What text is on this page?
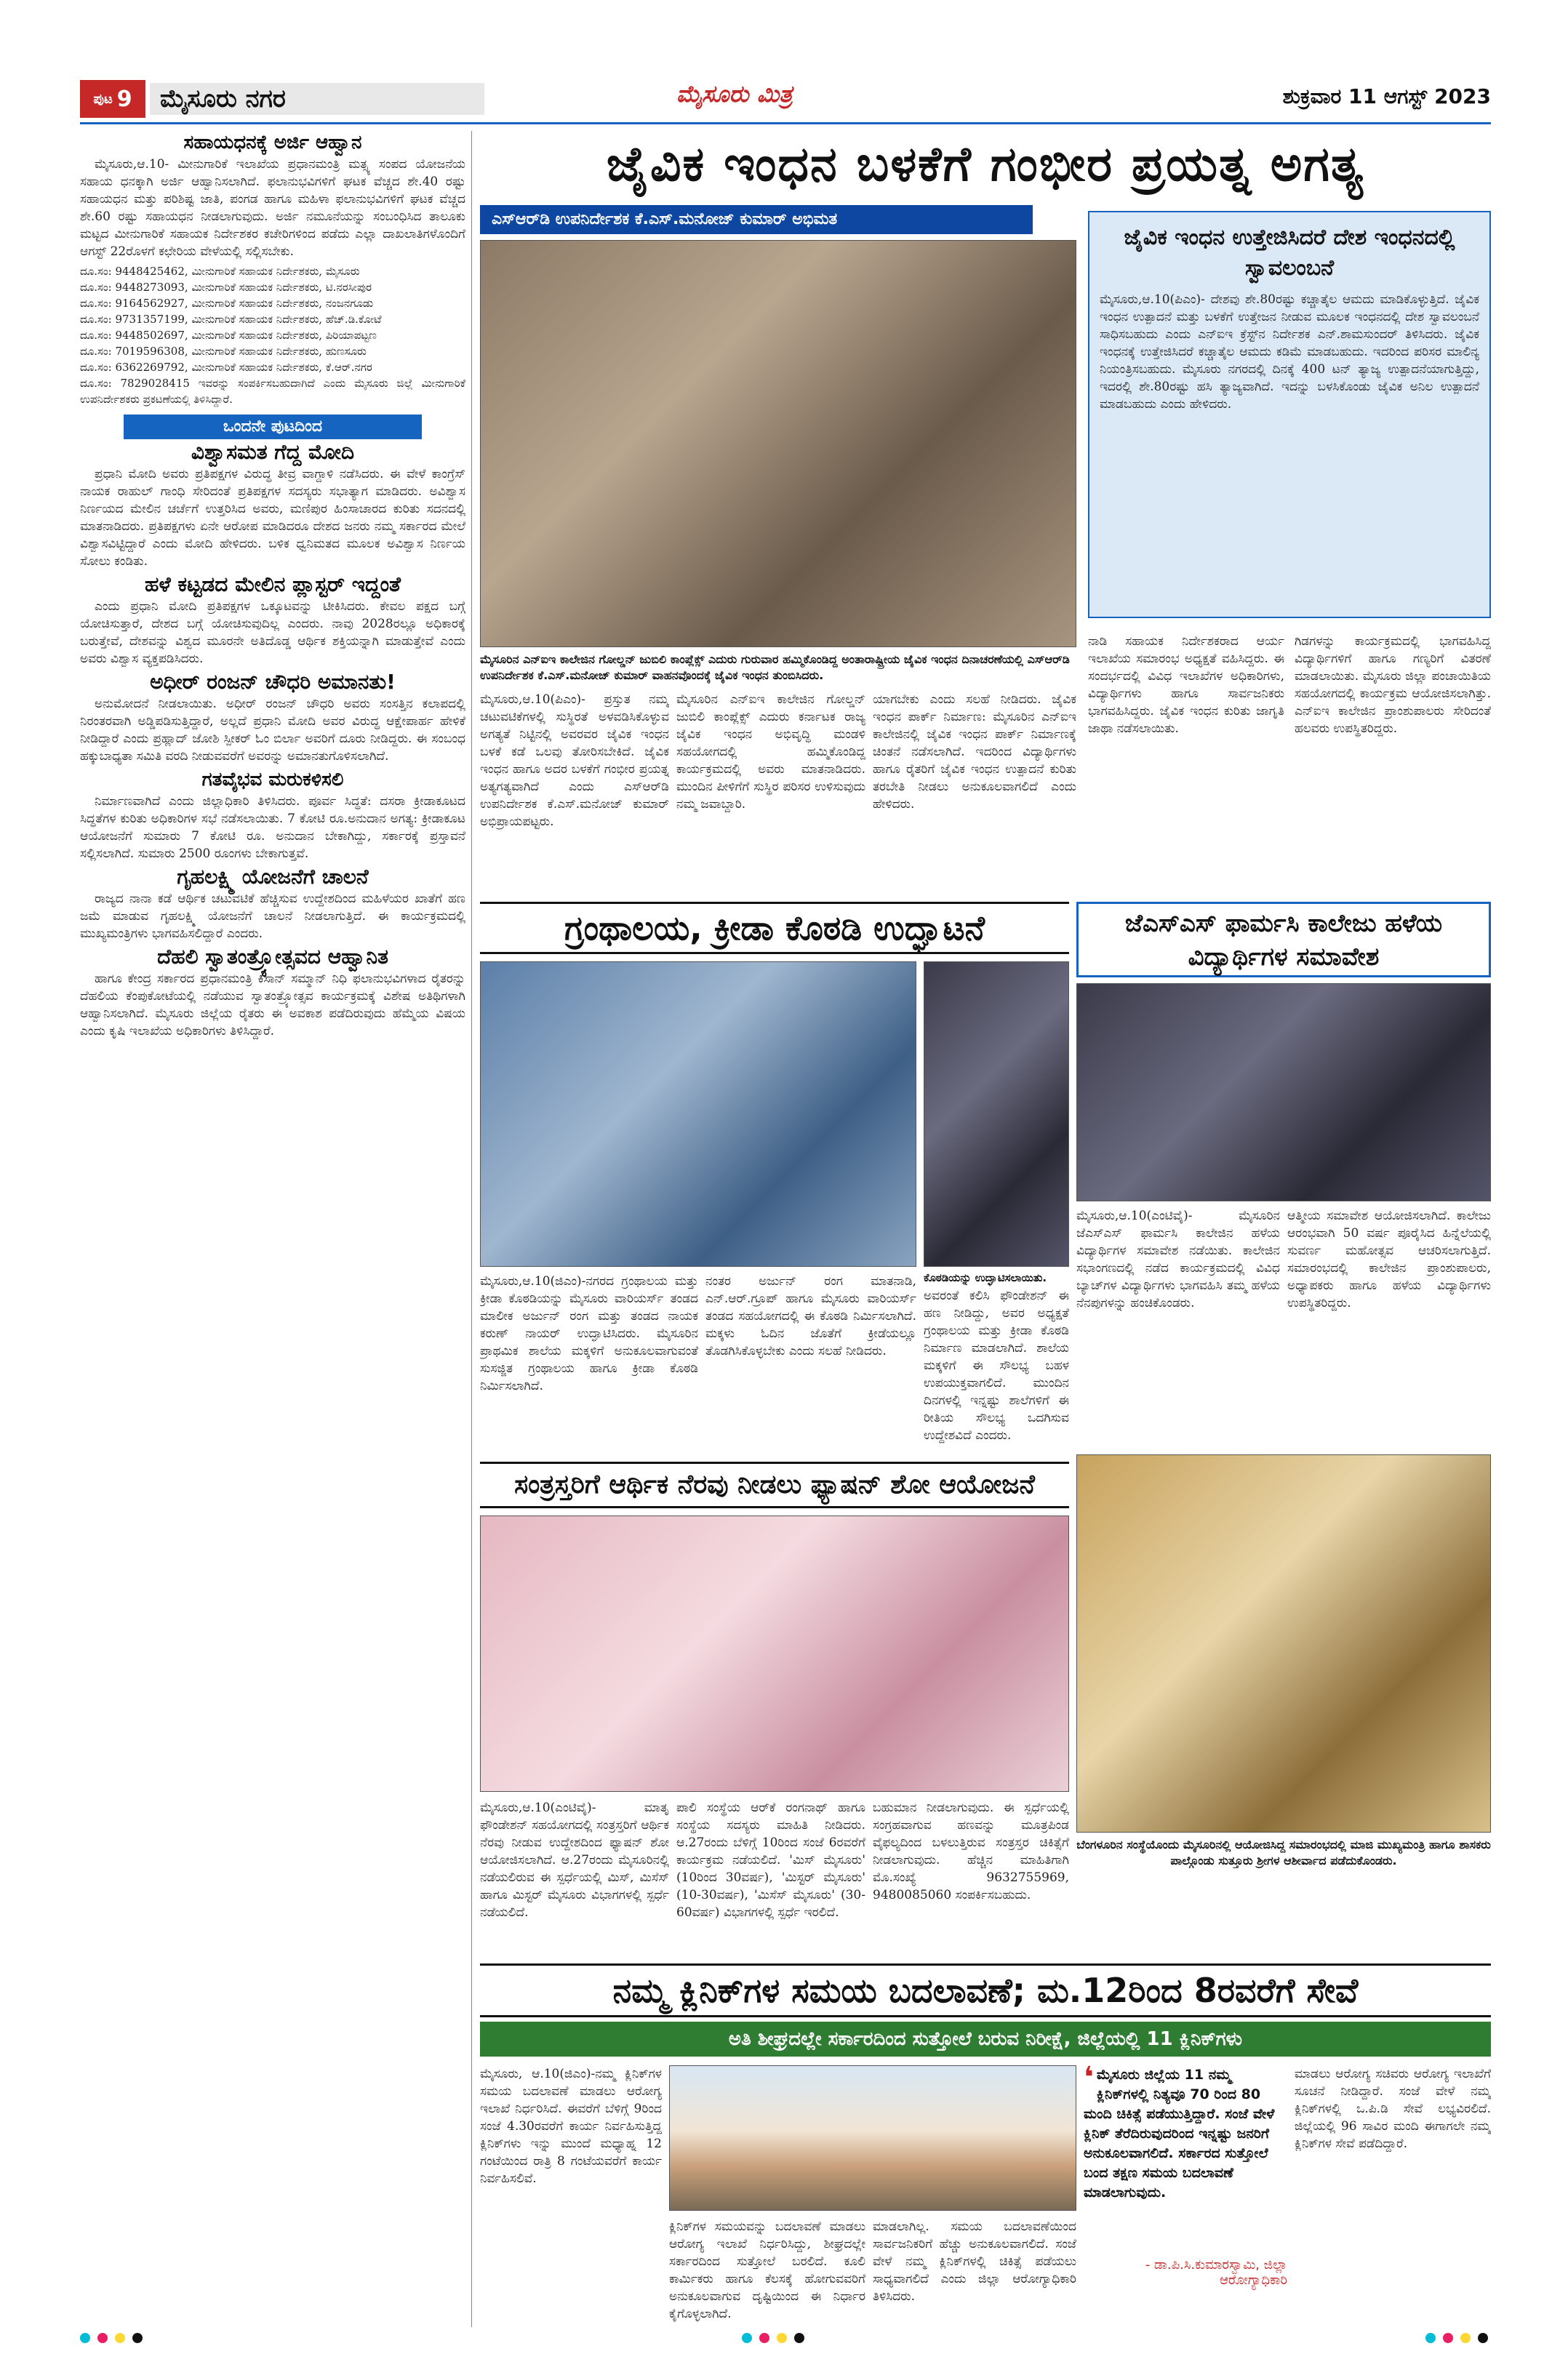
ಪುಟ 9	ಮೈಸೂರು ನಗರ	ಮೈಸೂರು ಮಿತ್ರ	ಶುಕ್ರವಾರ 11 ಆಗಸ್ಟ್ 2023
ಸಹಾಯಧನಕ್ಕೆ ಅರ್ಜಿ ಆಹ್ವಾನ

ಮೈಸೂರು,ಆ.10- ಮೀನುಗಾರಿಕೆ ಇಲಾಖೆಯ ಪ್ರಧಾನಮಂತ್ರಿ ಮತ್ಸ್ಯ ಸಂಪದ ಯೋಜನೆಯ ಸಹಾಯ ಧನಕ್ಕಾಗಿ ಅರ್ಜಿ ಆಹ್ವಾನಿಸಲಾಗಿದೆ. ಫಲಾನುಭವಿಗಳಿಗೆ ಘಟಕ ವೆಚ್ಚದ ಶೇ.40 ರಷ್ಟು ಸಹಾಯಧನ ಮತ್ತು ಪರಿಶಿಷ್ಟ ಜಾತಿ, ಪಂಗಡ ಹಾಗೂ ಮಹಿಳಾ ಫಲಾನುಭವಿಗಳಿಗೆ ಘಟಕ ವೆಚ್ಚದ ಶೇ.60 ರಷ್ಟು ಸಹಾಯಧನ ನೀಡಲಾಗುವುದು. ಅರ್ಜಿ ನಮೂನೆಯನ್ನು ಸಂಬಂಧಿಸಿದ ತಾಲೂಕು ಮಟ್ಟದ ಮೀನುಗಾರಿಕೆ ಸಹಾಯಕ ನಿರ್ದೇಶಕರ ಕಚೇರಿಗಳಿಂದ ಪಡೆದು ಎಲ್ಲಾ ದಾಖಲಾತಿಗಳೊಂದಿಗೆ ಆಗಸ್ಟ್ 22ರೊಳಗೆ ಕಛೇರಿಯ ವೇಳೆಯಲ್ಲಿ ಸಲ್ಲಿಸಬೇಕು.

ದೂ.ಸಂ: 9448425462, ಮೀನುಗಾರಿಕೆ ಸಹಾಯಕ ನಿರ್ದೇಶಕರು, ಮೈಸೂರು
ದೂ.ಸಂ: 9448273093, ಮೀನುಗಾರಿಕೆ ಸಹಾಯಕ ನಿರ್ದೇಶಕರು, ಟಿ.ನರಸೀಪುರ
ದೂ.ಸಂ: 9164562927, ಮೀನುಗಾರಿಕೆ ಸಹಾಯಕ ನಿರ್ದೇಶಕರು, ನಂಜನಗೂಡು
ದೂ.ಸಂ: 9731357199, ಮೀನುಗಾರಿಕೆ ಸಹಾಯಕ ನಿರ್ದೇಶಕರು, ಹೆಚ್.ಡಿ.ಕೋಟೆ
ದೂ.ಸಂ: 9448502697, ಮೀನುಗಾರಿಕೆ ಸಹಾಯಕ ನಿರ್ದೇಶಕರು, ಪಿರಿಯಾಪಟ್ಟಣ
ದೂ.ಸಂ: 7019596308, ಮೀನುಗಾರಿಕೆ ಸಹಾಯಕ ನಿರ್ದೇಶಕರು, ಹುಣಸೂರು
ದೂ.ಸಂ: 6362269792, ಮೀನುಗಾರಿಕೆ ಸಹಾಯಕ ನಿರ್ದೇಶಕರು, ಕೆ.ಆರ್.ನಗರ
ದೂ.ಸಂ: 7829028415 ಇವರನ್ನು ಸಂಪರ್ಕಿಸಬಹುದಾಗಿದೆ ಎಂದು ಮೈಸೂರು ಜಿಲ್ಲೆ ಮೀನುಗಾರಿಕೆ ಉಪನಿರ್ದೇಶಕರು ಪ್ರಕಟಣೆಯಲ್ಲಿ ತಿಳಿಸಿದ್ದಾರೆ.
ಒಂದನೇ ಪುಟದಿಂದ
ವಿಶ್ವಾಸಮತ ಗೆದ್ದ ಮೋದಿ

ಪ್ರಧಾನಿ ಮೋದಿ ಅವರು ಪ್ರತಿಪಕ್ಷಗಳ ವಿರುದ್ಧ ತೀವ್ರ ವಾಗ್ದಾಳಿ ನಡೆಸಿದರು. ಈ ವೇಳೆ ಕಾಂಗ್ರೆಸ್ ನಾಯಕ ರಾಹುಲ್ ಗಾಂಧಿ ಸೇರಿದಂತೆ ಪ್ರತಿಪಕ್ಷಗಳ ಸದಸ್ಯರು ಸಭಾತ್ಯಾಗ ಮಾಡಿದರು. ಅವಿಶ್ವಾಸ ನಿರ್ಣಯದ ಮೇಲಿನ ಚರ್ಚೆಗೆ ಉತ್ತರಿಸಿದ ಅವರು, ಮಣಿಪುರ ಹಿಂಸಾಚಾರದ ಕುರಿತು ಸದನದಲ್ಲಿ ಮಾತನಾಡಿದರು. ಪ್ರತಿಪಕ್ಷಗಳು ಏನೇ ಆರೋಪ ಮಾಡಿದರೂ ದೇಶದ ಜನರು ನಮ್ಮ ಸರ್ಕಾರದ ಮೇಲೆ ವಿಶ್ವಾಸವಿಟ್ಟಿದ್ದಾರೆ ಎಂದು ಮೋದಿ ಹೇಳಿದರು. ಬಳಿಕ ಧ್ವನಿಮತದ ಮೂಲಕ ಅವಿಶ್ವಾಸ ನಿರ್ಣಯ ಸೋಲು ಕಂಡಿತು.

ಹಳೆ ಕಟ್ಟಡದ ಮೇಲಿನ ಪ್ಲಾಸ್ಟರ್ ಇದ್ದಂತೆ

ಎಂದು ಪ್ರಧಾನಿ ಮೋದಿ ಪ್ರತಿಪಕ್ಷಗಳ ಒಕ್ಕೂಟವನ್ನು ಟೀಕಿಸಿದರು. ಕೇವಲ ಪಕ್ಷದ ಬಗ್ಗೆ ಯೋಚಿಸುತ್ತಾರೆ, ದೇಶದ ಬಗ್ಗೆ ಯೋಚಿಸುವುದಿಲ್ಲ ಎಂದರು. ನಾವು 2028ರಲ್ಲೂ ಅಧಿಕಾರಕ್ಕೆ ಬರುತ್ತೇವೆ, ದೇಶವನ್ನು ವಿಶ್ವದ ಮೂರನೇ ಅತಿದೊಡ್ಡ ಆರ್ಥಿಕ ಶಕ್ತಿಯನ್ನಾಗಿ ಮಾಡುತ್ತೇವೆ ಎಂದು ಅವರು ವಿಶ್ವಾಸ ವ್ಯಕ್ತಪಡಿಸಿದರು.

ಅಧೀರ್ ರಂಜನ್ ಚೌಧರಿ ಅಮಾನತು!

ಅನುಮೋದನೆ ನೀಡಲಾಯಿತು. ಅಧೀರ್ ರಂಜನ್ ಚೌಧರಿ ಅವರು ಸಂಸತ್ತಿನ ಕಲಾಪದಲ್ಲಿ ನಿರಂತರವಾಗಿ ಅಡ್ಡಿಪಡಿಸುತ್ತಿದ್ದಾರೆ, ಅಲ್ಲದೆ ಪ್ರಧಾನಿ ಮೋದಿ ಅವರ ವಿರುದ್ಧ ಆಕ್ಷೇಪಾರ್ಹ ಹೇಳಿಕೆ ನೀಡಿದ್ದಾರೆ ಎಂದು ಪ್ರಹ್ಲಾದ್ ಜೋಶಿ ಸ್ಪೀಕರ್ ಓಂ ಬಿರ್ಲಾ ಅವರಿಗೆ ದೂರು ನೀಡಿದ್ದರು. ಈ ಸಂಬಂಧ ಹಕ್ಕುಬಾಧ್ಯತಾ ಸಮಿತಿ ವರದಿ ನೀಡುವವರೆಗೆ ಅವರನ್ನು ಅಮಾನತುಗೊಳಿಸಲಾಗಿದೆ.

ಗತವೈಭವ ಮರುಕಳಿಸಲಿ

ನಿರ್ಮಾಣವಾಗಿದೆ ಎಂದು ಜಿಲ್ಲಾಧಿಕಾರಿ ತಿಳಿಸಿದರು. ಪೂರ್ವ ಸಿದ್ಧತೆ: ದಸರಾ ಕ್ರೀಡಾಕೂಟದ ಸಿದ್ಧತೆಗಳ ಕುರಿತು ಅಧಿಕಾರಿಗಳ ಸಭೆ ನಡೆಸಲಾಯಿತು. 7 ಕೋಟಿ ರೂ.ಅನುದಾನ ಅಗತ್ಯ: ಕ್ರೀಡಾಕೂಟ ಆಯೋಜನೆಗೆ ಸುಮಾರು 7 ಕೋಟಿ ರೂ. ಅನುದಾನ ಬೇಕಾಗಿದ್ದು, ಸರ್ಕಾರಕ್ಕೆ ಪ್ರಸ್ತಾವನೆ ಸಲ್ಲಿಸಲಾಗಿದೆ. ಸುಮಾರು 2500 ರೂಂಗಳು ಬೇಕಾಗುತ್ತವೆ.

ಗೃಹಲಕ್ಷ್ಮಿ ಯೋಜನೆಗೆ ಚಾಲನೆ

ರಾಜ್ಯದ ನಾನಾ ಕಡೆ ಆರ್ಥಿಕ ಚಟುವಟಿಕೆ ಹೆಚ್ಚಿಸುವ ಉದ್ದೇಶದಿಂದ ಮಹಿಳೆಯರ ಖಾತೆಗೆ ಹಣ ಜಮೆ ಮಾಡುವ ಗೃಹಲಕ್ಷ್ಮಿ ಯೋಜನೆಗೆ ಚಾಲನೆ ನೀಡಲಾಗುತ್ತಿದೆ. ಈ ಕಾರ್ಯಕ್ರಮದಲ್ಲಿ ಮುಖ್ಯಮಂತ್ರಿಗಳು ಭಾಗವಹಿಸಲಿದ್ದಾರೆ ಎಂದರು.

ದೆಹಲಿ ಸ್ವಾತಂತ್ರ್ಯೋತ್ಸವದ ಆಹ್ವಾನಿತ

ಹಾಗೂ ಕೇಂದ್ರ ಸರ್ಕಾರದ ಪ್ರಧಾನಮಂತ್ರಿ ಕಿಸಾನ್ ಸಮ್ಮಾನ್ ನಿಧಿ ಫಲಾನುಭವಿಗಳಾದ ರೈತರನ್ನು ದೆಹಲಿಯ ಕೆಂಪುಕೋಟೆಯಲ್ಲಿ ನಡೆಯುವ ಸ್ವಾತಂತ್ರ್ಯೋತ್ಸವ ಕಾರ್ಯಕ್ರಮಕ್ಕೆ ವಿಶೇಷ ಅತಿಥಿಗಳಾಗಿ ಆಹ್ವಾನಿಸಲಾಗಿದೆ. ಮೈಸೂರು ಜಿಲ್ಲೆಯ ರೈತರು ಈ ಅವಕಾಶ ಪಡೆದಿರುವುದು ಹೆಮ್ಮೆಯ ವಿಷಯ ಎಂದು ಕೃಷಿ ಇಲಾಖೆಯ ಅಧಿಕಾರಿಗಳು ತಿಳಿಸಿದ್ದಾರೆ.

ಜೈವಿಕ ಇಂಧನ ಬಳಕೆಗೆ ಗಂಭೀರ ಪ್ರಯತ್ನ ಅಗತ್ಯ
ಎಸ್‌ಆರ್‌ಡಿ ಉಪನಿರ್ದೇಶಕ ಕೆ.ಎಸ್.ಮನೋಜ್ ಕುಮಾರ್ ಅಭಿಮತ
ಮೈಸೂರಿನ ಎನ್‌ಐಇ ಕಾಲೇಜಿನ ಗೋಲ್ಡನ್ ಜುಬಿಲಿ ಕಾಂಪ್ಲೆಕ್ಸ್ ಎದುರು ಗುರುವಾರ ಹಮ್ಮಿಕೊಂಡಿದ್ದ ಅಂತಾರಾಷ್ಟ್ರೀಯ ಜೈವಿಕ ಇಂಧನ ದಿನಾಚರಣೆಯಲ್ಲಿ ಎಸ್‌ಆರ್‌ಡಿ ಉಪನಿರ್ದೇಶಕ ಕೆ.ಎಸ್.ಮನೋಜ್ ಕುಮಾರ್ ವಾಹನವೊಂದಕ್ಕೆ ಜೈವಿಕ ಇಂಧನ ತುಂಬಿಸಿದರು.
ಜೈವಿಕ ಇಂಧನ ಉತ್ತೇಜಿಸಿದರೆ ದೇಶ ಇಂಧನದಲ್ಲಿ ಸ್ವಾವಲಂಬನೆ
ಮೈಸೂರು,ಆ.10(ಪಿಎಂ)- ದೇಶವು ಶೇ.80ರಷ್ಟು ಕಚ್ಚಾತೈಲ ಆಮದು ಮಾಡಿಕೊಳ್ಳುತ್ತಿದೆ. ಜೈವಿಕ ಇಂಧನ ಉತ್ಪಾದನೆ ಮತ್ತು ಬಳಕೆಗೆ ಉತ್ತೇಜನ ನೀಡುವ ಮೂಲಕ ಇಂಧನದಲ್ಲಿ ದೇಶ ಸ್ವಾವಲಂಬನೆ ಸಾಧಿಸಬಹುದು ಎಂದು ಎನ್‌ಐಇ ಕ್ರೆಸ್ಟ್‌ನ ನಿರ್ದೇಶಕ ಎನ್.ಶಾಮಸುಂದರ್ ತಿಳಿಸಿದರು. ಜೈವಿಕ ಇಂಧನಕ್ಕೆ ಉತ್ತೇಜಿಸಿದರೆ ಕಚ್ಚಾತೈಲ ಆಮದು ಕಡಿಮೆ ಮಾಡಬಹುದು. ಇದರಿಂದ ಪರಿಸರ ಮಾಲಿನ್ಯ ನಿಯಂತ್ರಿಸಬಹುದು. ಮೈಸೂರು ನಗರದಲ್ಲಿ ದಿನಕ್ಕೆ 400 ಟನ್ ತ್ಯಾಜ್ಯ ಉತ್ಪಾದನೆಯಾಗುತ್ತಿದ್ದು, ಇದರಲ್ಲಿ ಶೇ.80ರಷ್ಟು ಹಸಿ ತ್ಯಾಜ್ಯವಾಗಿದೆ. ಇದನ್ನು ಬಳಸಿಕೊಂಡು ಜೈವಿಕ ಅನಿಲ ಉತ್ಪಾದನೆ ಮಾಡಬಹುದು ಎಂದು ಹೇಳಿದರು.
ಮೈಸೂರು,ಆ.10(ಪಿಎಂ)- ಪ್ರಸ್ತುತ ನಮ್ಮ ಚಟುವಟಿಕೆಗಳಲ್ಲಿ ಸುಸ್ಥಿರತೆ ಅಳವಡಿಸಿಕೊಳ್ಳುವ ಅಗತ್ಯತೆ ನಿಟ್ಟಿನಲ್ಲಿ ಅವರವರ ಜೈವಿಕ ಇಂಧನ ಬಳಕೆ ಕಡೆ ಒಲವು ತೋರಿಸಬೇಕಿದೆ. ಜೈವಿಕ ಇಂಧನ ಹಾಗೂ ಅದರ ಬಳಕೆಗೆ ಗಂಭೀರ ಪ್ರಯತ್ನ ಅತ್ಯಗತ್ಯವಾಗಿದೆ ಎಂದು ಎಸ್‌ಆರ್‌ಡಿ ಉಪನಿರ್ದೇಶಕ ಕೆ.ಎಸ್.ಮನೋಜ್ ಕುಮಾರ್ ಅಭಿಪ್ರಾಯಪಟ್ಟರು.
ಮೈಸೂರಿನ ಎನ್‌ಐಇ ಕಾಲೇಜಿನ ಗೋಲ್ಡನ್ ಜುಬಿಲಿ ಕಾಂಪ್ಲೆಕ್ಸ್ ಎದುರು ಕರ್ನಾಟಕ ರಾಜ್ಯ ಜೈವಿಕ ಇಂಧನ ಅಭಿವೃದ್ಧಿ ಮಂಡಳಿ ಸಹಯೋಗದಲ್ಲಿ ಹಮ್ಮಿಕೊಂಡಿದ್ದ ಕಾರ್ಯಕ್ರಮದಲ್ಲಿ ಅವರು ಮಾತನಾಡಿದರು. ಮುಂದಿನ ಪೀಳಿಗೆಗೆ ಸುಸ್ಥಿರ ಪರಿಸರ ಉಳಿಸುವುದು ನಮ್ಮ ಜವಾಬ್ದಾರಿ.
ಯಾಗಬೇಕು ಎಂದು ಸಲಹೆ ನೀಡಿದರು. ಜೈವಿಕ ಇಂಧನ ಪಾರ್ಕ್ ನಿರ್ಮಾಣ: ಮೈಸೂರಿನ ಎನ್‌ಐಇ ಕಾಲೇಜಿನಲ್ಲಿ ಜೈವಿಕ ಇಂಧನ ಪಾರ್ಕ್ ನಿರ್ಮಾಣಕ್ಕೆ ಚಿಂತನೆ ನಡೆಸಲಾಗಿದೆ. ಇದರಿಂದ ವಿದ್ಯಾರ್ಥಿಗಳು ಹಾಗೂ ರೈತರಿಗೆ ಜೈವಿಕ ಇಂಧನ ಉತ್ಪಾದನೆ ಕುರಿತು ತರಬೇತಿ ನೀಡಲು ಅನುಕೂಲವಾಗಲಿದೆ ಎಂದು ಹೇಳಿದರು.
ನಾಡಿ ಸಹಾಯಕ ನಿರ್ದೇಶಕರಾದ ಆರ್ಯ ಇಲಾಖೆಯ ಸಮಾರಂಭ ಅಧ್ಯಕ್ಷತೆ ವಹಿಸಿದ್ದರು. ಈ ಸಂದರ್ಭದಲ್ಲಿ ವಿವಿಧ ಇಲಾಖೆಗಳ ಅಧಿಕಾರಿಗಳು, ವಿದ್ಯಾರ್ಥಿಗಳು ಹಾಗೂ ಸಾರ್ವಜನಿಕರು ಭಾಗವಹಿಸಿದ್ದರು. ಜೈವಿಕ ಇಂಧನ ಕುರಿತು ಜಾಗೃತಿ ಜಾಥಾ ನಡೆಸಲಾಯಿತು.
ಗಿಡಗಳನ್ನು ಕಾರ್ಯಕ್ರಮದಲ್ಲಿ ಭಾಗವಹಿಸಿದ್ದ ವಿದ್ಯಾರ್ಥಿಗಳಿಗೆ ಹಾಗೂ ಗಣ್ಯರಿಗೆ ವಿತರಣೆ ಮಾಡಲಾಯಿತು. ಮೈಸೂರು ಜಿಲ್ಲಾ ಪಂಚಾಯಿತಿಯ ಸಹಯೋಗದಲ್ಲಿ ಕಾರ್ಯಕ್ರಮ ಆಯೋಜಿಸಲಾಗಿತ್ತು. ಎನ್‌ಐಇ ಕಾಲೇಜಿನ ಪ್ರಾಂಶುಪಾಲರು ಸೇರಿದಂತೆ ಹಲವರು ಉಪಸ್ಥಿತರಿದ್ದರು.
ಗ್ರಂಥಾಲಯ, ಕ್ರೀಡಾ ಕೊಠಡಿ ಉದ್ಘಾಟನೆ
ಕೊಠಡಿಯನ್ನು ಉದ್ಘಾಟಿಸಲಾಯಿತು.
ಮೈಸೂರು,ಆ.10(ಜಿಎಂ)-ನಗರದ ಗ್ರಂಥಾಲಯ ಮತ್ತು ಕ್ರೀಡಾ ಕೊಠಡಿಯನ್ನು ಮೈಸೂರು ವಾರಿಯರ್ಸ್ ತಂಡದ ಮಾಲೀಕ ಅರ್ಜುನ್ ರಂಗ ಮತ್ತು ತಂಡದ ನಾಯಕ ಕರುಣ್ ನಾಯರ್ ಉದ್ಘಾಟಿಸಿದರು. ಮೈಸೂರಿನ ಪ್ರಾಥಮಿಕ ಶಾಲೆಯ ಮಕ್ಕಳಿಗೆ ಅನುಕೂಲವಾಗುವಂತೆ ಸುಸಜ್ಜಿತ ಗ್ರಂಥಾಲಯ ಹಾಗೂ ಕ್ರೀಡಾ ಕೊಠಡಿ ನಿರ್ಮಿಸಲಾಗಿದೆ.
ನಂತರ ಅರ್ಜುನ್ ರಂಗ ಮಾತನಾಡಿ, ಎನ್.ಆರ್.ಗ್ರೂಪ್ ಹಾಗೂ ಮೈಸೂರು ವಾರಿಯರ್ಸ್ ತಂಡದ ಸಹಯೋಗದಲ್ಲಿ ಈ ಕೊಠಡಿ ನಿರ್ಮಿಸಲಾಗಿದೆ. ಮಕ್ಕಳು ಓದಿನ ಜೊತೆಗೆ ಕ್ರೀಡೆಯಲ್ಲೂ ತೊಡಗಿಸಿಕೊಳ್ಳಬೇಕು ಎಂದು ಸಲಹೆ ನೀಡಿದರು.
ಜೆಎಸ್‌ಎಸ್ ಫಾರ್ಮಸಿ ಕಾಲೇಜು ಹಳೆಯ ವಿದ್ಯಾರ್ಥಿಗಳ ಸಮಾವೇಶ
ಮೈಸೂರು,ಆ.10(ಎಂಟಿವೈ)- ಮೈಸೂರಿನ ಜೆಎಸ್‌ಎಸ್ ಫಾರ್ಮಸಿ ಕಾಲೇಜಿನ ಹಳೆಯ ವಿದ್ಯಾರ್ಥಿಗಳ ಸಮಾವೇಶ ನಡೆಯಿತು. ಕಾಲೇಜಿನ ಸಭಾಂಗಣದಲ್ಲಿ ನಡೆದ ಕಾರ್ಯಕ್ರಮದಲ್ಲಿ ವಿವಿಧ ಬ್ಯಾಚ್‌ಗಳ ವಿದ್ಯಾರ್ಥಿಗಳು ಭಾಗವಹಿಸಿ ತಮ್ಮ ಹಳೆಯ ನೆನಪುಗಳನ್ನು ಹಂಚಿಕೊಂಡರು.
ಆತ್ಮೀಯ ಸಮಾವೇಶ ಆಯೋಜಿಸಲಾಗಿದೆ. ಕಾಲೇಜು ಆರಂಭವಾಗಿ 50 ವರ್ಷ ಪೂರೈಸಿದ ಹಿನ್ನೆಲೆಯಲ್ಲಿ ಸುವರ್ಣ ಮಹೋತ್ಸವ ಆಚರಿಸಲಾಗುತ್ತಿದೆ. ಸಮಾರಂಭದಲ್ಲಿ ಕಾಲೇಜಿನ ಪ್ರಾಂಶುಪಾಲರು, ಅಧ್ಯಾಪಕರು ಹಾಗೂ ಹಳೆಯ ವಿದ್ಯಾರ್ಥಿಗಳು ಉಪಸ್ಥಿತರಿದ್ದರು.
ಅವರಂತೆ ಕಲಿಸಿ ಫೌಂಡೇಶನ್ ಈ ಹಣ ನೀಡಿದ್ದು, ಅವರ ಅಧ್ಯಕ್ಷತೆ ಗ್ರಂಥಾಲಯ ಮತ್ತು ಕ್ರೀಡಾ ಕೊಠಡಿ ನಿರ್ಮಾಣ ಮಾಡಲಾಗಿದೆ. ಶಾಲೆಯ ಮಕ್ಕಳಿಗೆ ಈ ಸೌಲಭ್ಯ ಬಹಳ ಉಪಯುಕ್ತವಾಗಲಿದೆ. ಮುಂದಿನ ದಿನಗಳಲ್ಲಿ ಇನ್ನಷ್ಟು ಶಾಲೆಗಳಿಗೆ ಈ ರೀತಿಯ ಸೌಲಭ್ಯ ಒದಗಿಸುವ ಉದ್ದೇಶವಿದೆ ಎಂದರು.
ಸಂತ್ರಸ್ತರಿಗೆ ಆರ್ಥಿಕ ನೆರವು ನೀಡಲು ಫ್ಯಾಷನ್ ಶೋ ಆಯೋಜನೆ
ಮೈಸೂರು,ಆ.10(ಎಂಟಿವೈ)- ಮಾತೃ ಫೌಂಡೇಶನ್ ಸಹಯೋಗದಲ್ಲಿ ಸಂತ್ರಸ್ತರಿಗೆ ಆರ್ಥಿಕ ನೆರವು ನೀಡುವ ಉದ್ದೇಶದಿಂದ ಫ್ಯಾಷನ್ ಶೋ ಆಯೋಜಿಸಲಾಗಿದೆ. ಆ.27ರಂದು ಮೈಸೂರಿನಲ್ಲಿ ನಡೆಯಲಿರುವ ಈ ಸ್ಪರ್ಧೆಯಲ್ಲಿ ಮಿಸ್, ಮಿಸೆಸ್ ಹಾಗೂ ಮಿಸ್ಟರ್ ಮೈಸೂರು ವಿಭಾಗಗಳಲ್ಲಿ ಸ್ಪರ್ಧೆ ನಡೆಯಲಿದೆ.
ಪಾಲಿ ಸಂಸ್ಥೆಯ ಆರ್‌ಕೆ ರಂಗನಾಥ್ ಹಾಗೂ ಸಂಸ್ಥೆಯ ಸದಸ್ಯರು ಮಾಹಿತಿ ನೀಡಿದರು. ಆ.27ರಂದು ಬೆಳಿಗ್ಗೆ 10ರಿಂದ ಸಂಜೆ 6ರವರೆಗೆ ಕಾರ್ಯಕ್ರಮ ನಡೆಯಲಿದೆ. 'ಮಿಸ್ ಮೈಸೂರು' (10ರಿಂದ 30ವರ್ಷ), 'ಮಿಸ್ಟರ್ ಮೈಸೂರು' (10-30ವರ್ಷ), 'ಮಿಸೆಸ್ ಮೈಸೂರು' (30-60ವರ್ಷ) ವಿಭಾಗಗಳಲ್ಲಿ ಸ್ಪರ್ಧೆ ಇರಲಿದೆ.
ಬಹುಮಾನ ನೀಡಲಾಗುವುದು. ಈ ಸ್ಪರ್ಧೆಯಲ್ಲಿ ಸಂಗ್ರಹವಾಗುವ ಹಣವನ್ನು ಮೂತ್ರಪಿಂಡ ವೈಫಲ್ಯದಿಂದ ಬಳಲುತ್ತಿರುವ ಸಂತ್ರಸ್ತರ ಚಿಕಿತ್ಸೆಗೆ ನೀಡಲಾಗುವುದು. ಹೆಚ್ಚಿನ ಮಾಹಿತಿಗಾಗಿ ಮೊ.ಸಂಖ್ಯೆ 9632755969, 9480085060 ಸಂಪರ್ಕಿಸಬಹುದು.
ಬೆಂಗಳೂರಿನ ಸಂಸ್ಥೆಯೊಂದು ಮೈಸೂರಿನಲ್ಲಿ ಆಯೋಜಿಸಿದ್ದ ಸಮಾರಂಭದಲ್ಲಿ ಮಾಜಿ ಮುಖ್ಯಮಂತ್ರಿ ಹಾಗೂ ಶಾಸಕರು ಪಾಲ್ಗೊಂಡು ಸುತ್ತೂರು ಶ್ರೀಗಳ ಆಶೀರ್ವಾದ ಪಡೆದುಕೊಂಡರು.
ನಮ್ಮ ಕ್ಲಿನಿಕ್‌ಗಳ ಸಮಯ ಬದಲಾವಣೆ; ಮ.12ರಿಂದ 8ರವರೆಗೆ ಸೇವೆ
ಅತಿ ಶೀಘ್ರದಲ್ಲೇ ಸರ್ಕಾರದಿಂದ ಸುತ್ತೋಲೆ ಬರುವ ನಿರೀಕ್ಷೆ, ಜಿಲ್ಲೆಯಲ್ಲಿ 11 ಕ್ಲಿನಿಕ್‌ಗಳು
ಮೈಸೂರು, ಆ.10(ಜಿಎಂ)-ನಮ್ಮ ಕ್ಲಿನಿಕ್‌ಗಳ ಸಮಯ ಬದಲಾವಣೆ ಮಾಡಲು ಆರೋಗ್ಯ ಇಲಾಖೆ ನಿರ್ಧರಿಸಿದೆ. ಈವರೆಗೆ ಬೆಳಿಗ್ಗೆ 9ರಿಂದ ಸಂಜೆ 4.30ರವರೆಗೆ ಕಾರ್ಯ ನಿರ್ವಹಿಸುತ್ತಿದ್ದ ಕ್ಲಿನಿಕ್‌ಗಳು ಇನ್ನು ಮುಂದೆ ಮಧ್ಯಾಹ್ನ 12 ಗಂಟೆಯಿಂದ ರಾತ್ರಿ 8 ಗಂಟೆಯವರೆಗೆ ಕಾರ್ಯ ನಿರ್ವಹಿಸಲಿವೆ.
ಕ್ಲಿನಿಕ್‌ಗಳ ಸಮಯವನ್ನು ಬದಲಾವಣೆ ಮಾಡಲು ಆರೋಗ್ಯ ಇಲಾಖೆ ನಿರ್ಧರಿಸಿದ್ದು, ಶೀಘ್ರದಲ್ಲೇ ಸರ್ಕಾರದಿಂದ ಸುತ್ತೋಲೆ ಬರಲಿದೆ. ಕೂಲಿ ಕಾರ್ಮಿಕರು ಹಾಗೂ ಕೆಲಸಕ್ಕೆ ಹೋಗುವವರಿಗೆ ಅನುಕೂಲವಾಗುವ ದೃಷ್ಟಿಯಿಂದ ಈ ನಿರ್ಧಾರ ಕೈಗೊಳ್ಳಲಾಗಿದೆ.
ಮಾಡಲಾಗಿಲ್ಲ. ಸಮಯ ಬದಲಾವಣೆಯಿಂದ ಸಾರ್ವಜನಿಕರಿಗೆ ಹೆಚ್ಚು ಅನುಕೂಲವಾಗಲಿದೆ. ಸಂಜೆ ವೇಳೆ ನಮ್ಮ ಕ್ಲಿನಿಕ್‌ಗಳಲ್ಲಿ ಚಿಕಿತ್ಸೆ ಪಡೆಯಲು ಸಾಧ್ಯವಾಗಲಿದೆ ಎಂದು ಜಿಲ್ಲಾ ಆರೋಗ್ಯಾಧಿಕಾರಿ ತಿಳಿಸಿದರು.
❛ ಮೈಸೂರು ಜಿಲ್ಲೆಯ 11 ನಮ್ಮ ಕ್ಲಿನಿಕ್‌ಗಳಲ್ಲಿ ನಿತ್ಯವೂ 70 ರಿಂದ 80 ಮಂದಿ ಚಿಕಿತ್ಸೆ ಪಡೆಯುತ್ತಿದ್ದಾರೆ. ಸಂಜೆ ವೇಳೆ ಕ್ಲಿನಿಕ್ ತೆರೆದಿರುವುದರಿಂದ ಇನ್ನಷ್ಟು ಜನರಿಗೆ ಅನುಕೂಲವಾಗಲಿದೆ. ಸರ್ಕಾರದ ಸುತ್ತೋಲೆ ಬಂದ ತಕ್ಷಣ ಸಮಯ ಬದಲಾವಣೆ ಮಾಡಲಾಗುವುದು.
- ಡಾ.ಪಿ.ಸಿ.ಕುಮಾರಸ್ವಾಮಿ, ಜಿಲ್ಲಾ ಆರೋಗ್ಯಾಧಿಕಾರಿ
ಮಾಡಲು ಆರೋಗ್ಯ ಸಚಿವರು ಆರೋಗ್ಯ ಇಲಾಖೆಗೆ ಸೂಚನೆ ನೀಡಿದ್ದಾರೆ. ಸಂಜೆ ವೇಳೆ ನಮ್ಮ ಕ್ಲಿನಿಕ್‌ಗಳಲ್ಲಿ ಒ.ಪಿ.ಡಿ ಸೇವೆ ಲಭ್ಯವಿರಲಿದೆ. ಜಿಲ್ಲೆಯಲ್ಲಿ 96 ಸಾವಿರ ಮಂದಿ ಈಗಾಗಲೇ ನಮ್ಮ ಕ್ಲಿನಿಕ್‌ಗಳ ಸೇವೆ ಪಡೆದಿದ್ದಾರೆ.
